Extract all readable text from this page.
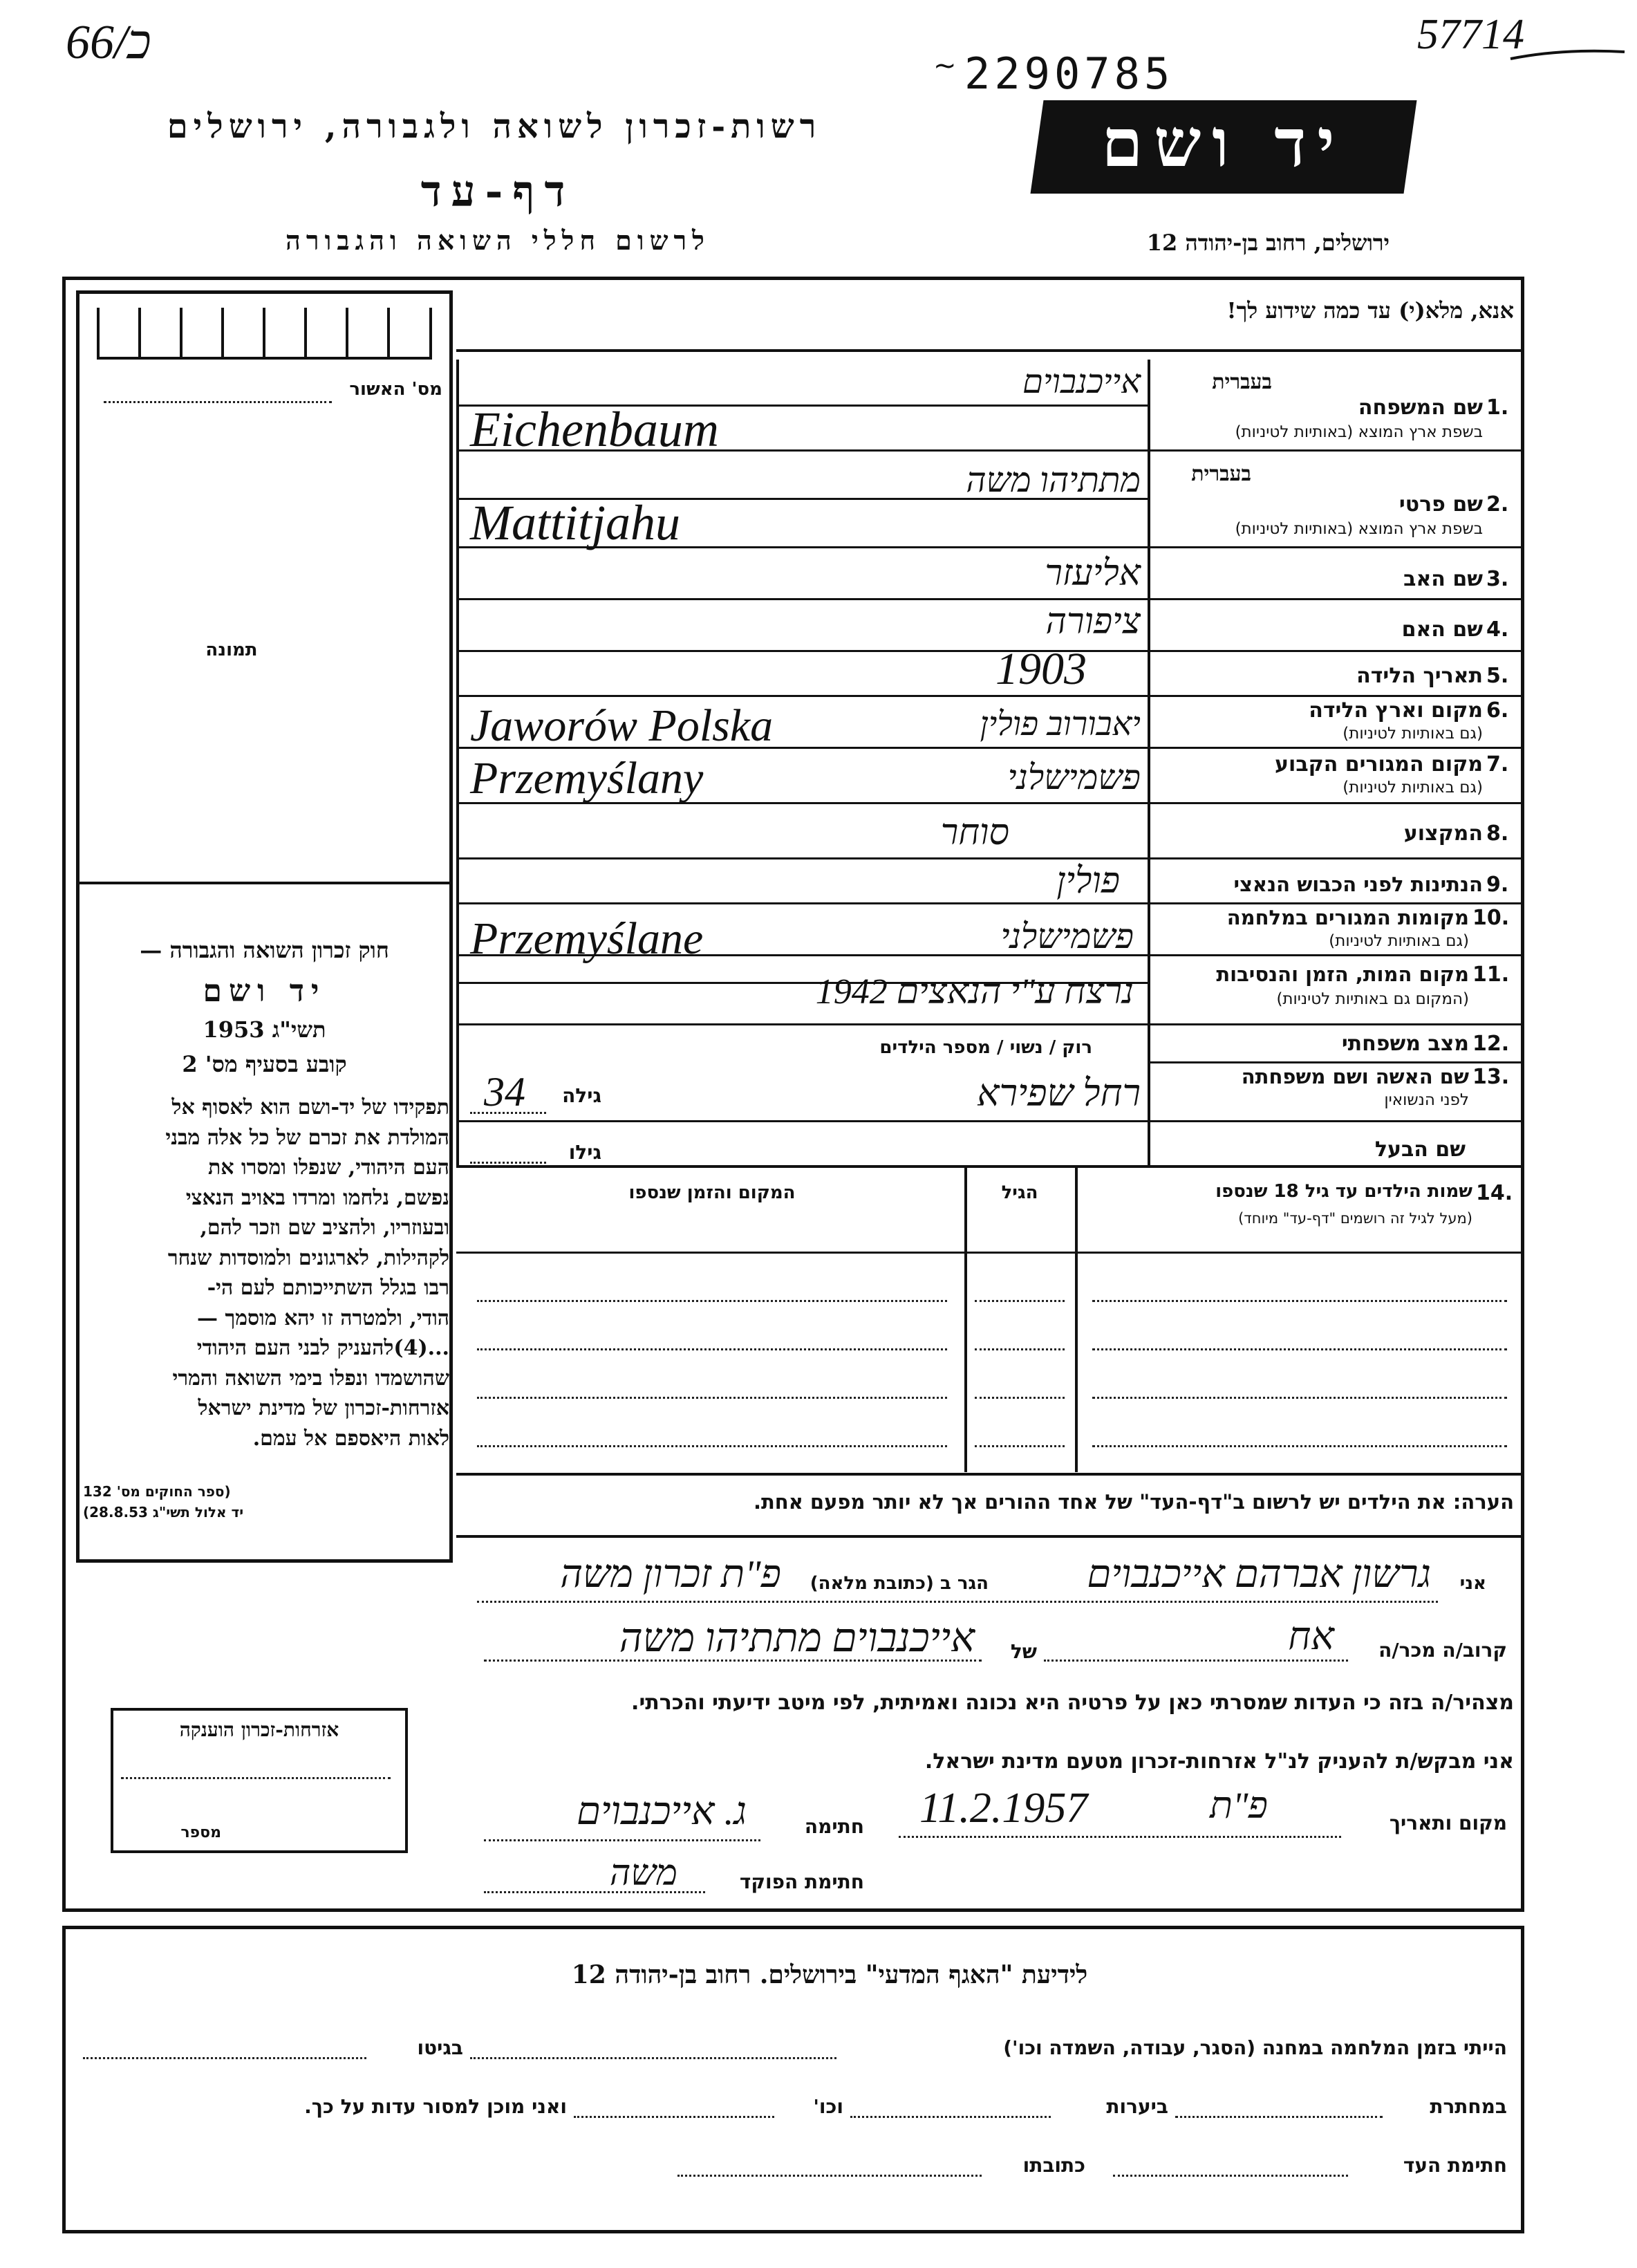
66/כ	57714
2290785
~
רשות-זכרון לשואה ולגבורה, ירושלים
דף-עד
לרשום חללי השואה והגבורה
יד ושם
ירושלים, רחוב בן-יהודה 12
מס' האשור
תמונה
חוק זכרון השואה והגבורה —
יד ושם
תשי"ג 1953
קובע בסעיף מס' 2

תפקידו של יד-ושם הוא לאסוף אל

המולדת את זכרם של כל אלה מבני

העם היהודי, שנפלו ומסרו את

נפשם, נלחמו ומרדו באויב הנאצי

ובעוזריו, ולהציב שם וזכר להם,

לקהילות, לארגונים ולמוסדות שנחר

רבו בגלל השתייכותם לעם הי-

הודי, ולמטרה זו יהא מוסמך —

...(4)להעניק לבני העם היהודי

שהושמדו ונפלו בימי השואה והמרי

אזרחות-זכרון של מדינת ישראל

לאות היאספם אל עמם.

(ספר החוקים מס' 132
יד אלול תשי"ג 28.8.53)
אזרחות-זכרון הוענקה
מספר
אנא, מלא(י) עד כמה שידוע לך!
בעברית
1.
שם המשפחה
בשפת ארץ המוצא (באותיות לטיניות)
בעברית
2.
שם פרטי
בשפת ארץ המוצא (באותיות לטיניות)
3.
שם האב
4.
שם האם
5.
תאריך הלידה
6.
מקום וארץ הלידה
(גם באותיות לטיניות)
7.
מקום המגורים הקבוע
(גם באותיות לטיניות)
8.
המקצוע
9.
הנתינות לפני הכבוש הנאצי
10.
מקומות המגורים במלחמה
(גם באותיות לטיניות)
11.
מקום המות, הזמן והנסיבות
(המקום גם באותיות לטיניות)
12.
מצב משפחתי
13.
שם האשה ושם משפחתה
לפני הנשואין
שם הבעל
אייכנבוים
Eichenbaum
מתתיהו משה
Mattitjahu
אליעזר
ציפורה
1903
יאבורוב פולין
Jaworów Polska
פשמישלני
Przemyślany
סוחר
פולין
פשמישלני
Przemyślane
נרצח ע"י הנאצים 1942
רוק / נשוי / מספר הילדים
גילה
34	רחל שפירא
גילו
14.
שמות הילדים עד גיל 18 שנספו
(מעל לגיל זה רושמים "דף-עד" מיוחד)
הגיל
המקום והזמן שנספו
הערה: את הילדים יש לרשום ב"דף-העד" של אחד ההורים אך לא יותר מפעם אחת.
אני
גרשון אברהם אייכנבוים
הגר ב (כתובת מלאה)
פ"ת זכרון משה
קרוב/ה מכר/ה
אח
של
אייכנבוים מתתיהו משה
מצהיר/ה בזה כי העדות שמסרתי כאן על פרטיה היא נכונה ואמיתית, לפי מיטב ידיעתי והכרתי.
אני מבקש/ת להעניק לנ"ל אזרחות-זכרון מטעם מדינת ישראל.
מקום ותאריך
פ"ת
11.2.1957
חתימה
ג. אייכנבוים
חתימת הפוקד
משה
לידיעת "האגף המדעי" בירושלים. רחוב בן-יהודה 12
הייתי בזמן המלחמה במחנה (הסגר, עבודה, השמדה וכו')
בגיטו
במחתרת
ביערות
וכו'
ואני מוכן למסור עדות על כך.
חתימת העד
כתובתו
